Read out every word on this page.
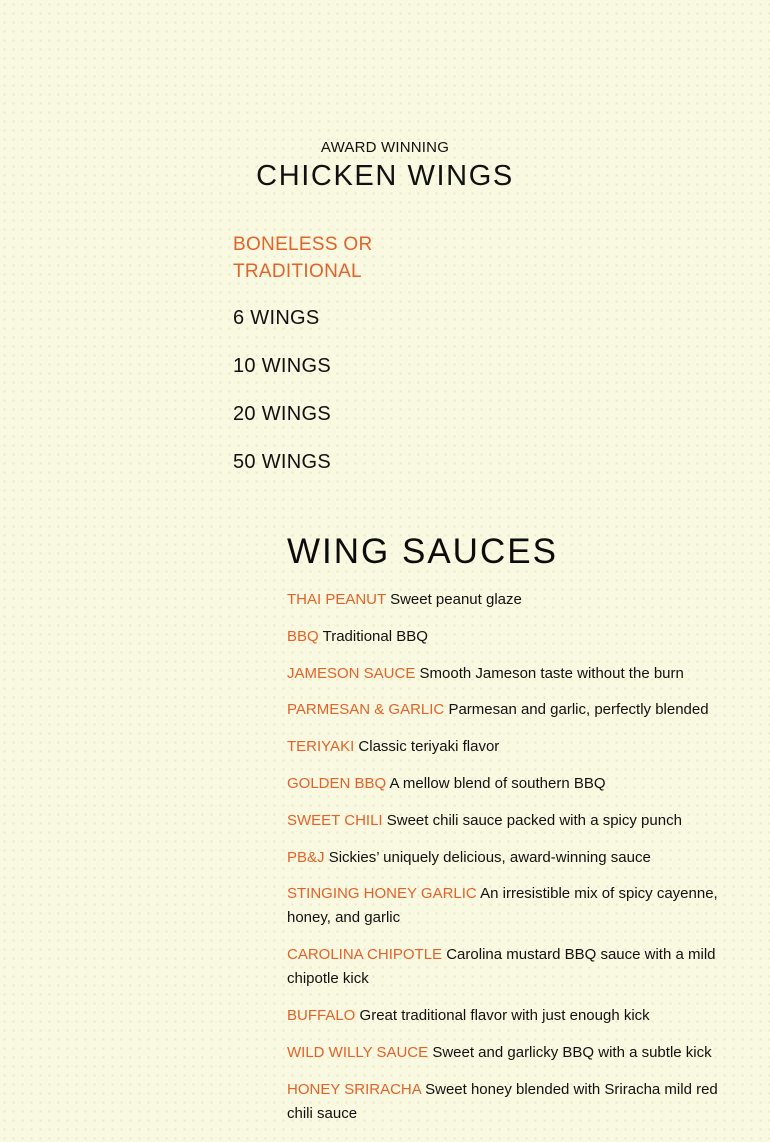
AWARD WINNING
CHICKEN WINGS
BONELESS OR TRADITIONAL
6 WINGS
10 WINGS
20 WINGS
50 WINGS
WING SAUCES
THAI PEANUT Sweet peanut glaze
BBQ Traditional BBQ
JAMESON SAUCE Smooth Jameson taste without the burn
PARMESAN & GARLIC Parmesan and garlic, perfectly blended
TERIYAKI Classic teriyaki flavor
GOLDEN BBQ A mellow blend of southern BBQ
SWEET CHILI Sweet chili sauce packed with a spicy punch
PB&J Sickies’ uniquely delicious, award-winning sauce
STINGING HONEY GARLIC An irresistible mix of spicy cayenne, honey, and garlic
CAROLINA CHIPOTLE Carolina mustard BBQ sauce with a mild chipotle kick
BUFFALO Great traditional flavor with just enough kick
WILD WILLY SAUCE Sweet and garlicky BBQ with a subtle kick
HONEY SRIRACHA Sweet honey blended with Sriracha mild red chili sauce
